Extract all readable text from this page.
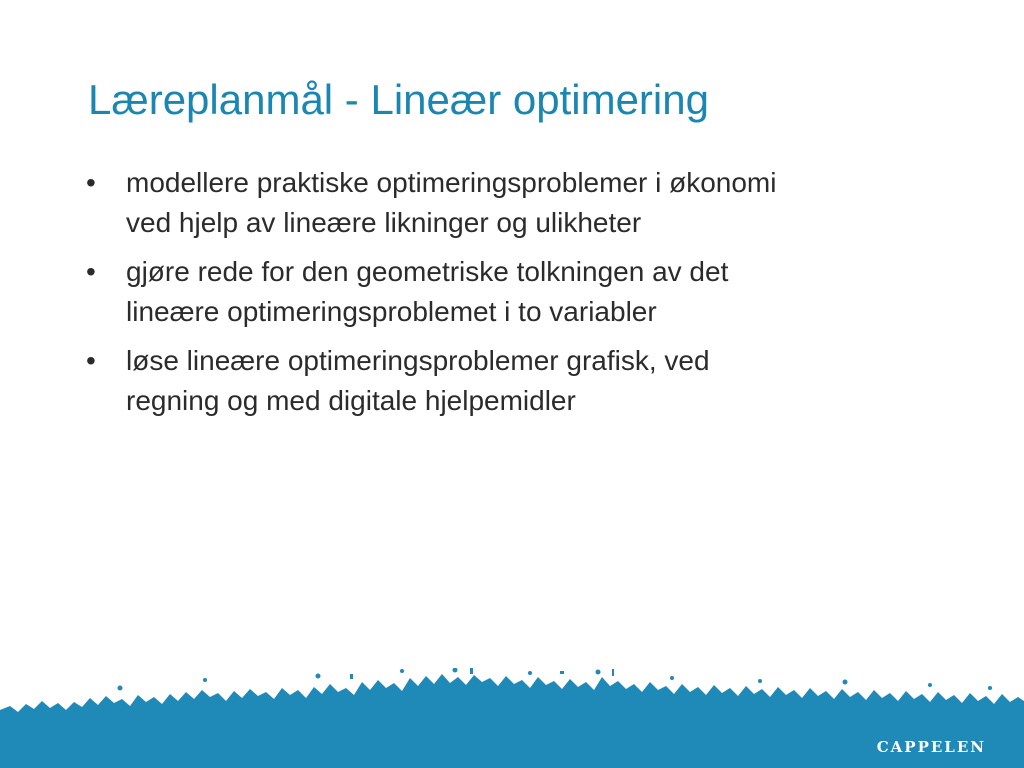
Læreplanmål - Lineær optimering
•	modellere praktiske optimeringsproblemer i økonomi
ved hjelp av lineære likninger og ulikheter
•	gjøre rede for den geometriske tolkningen av det
lineære optimeringsproblemet i to variabler
•	løse lineære optimeringsproblemer grafisk, ved
regning og med digitale hjelpemidler
CAPPELEN
